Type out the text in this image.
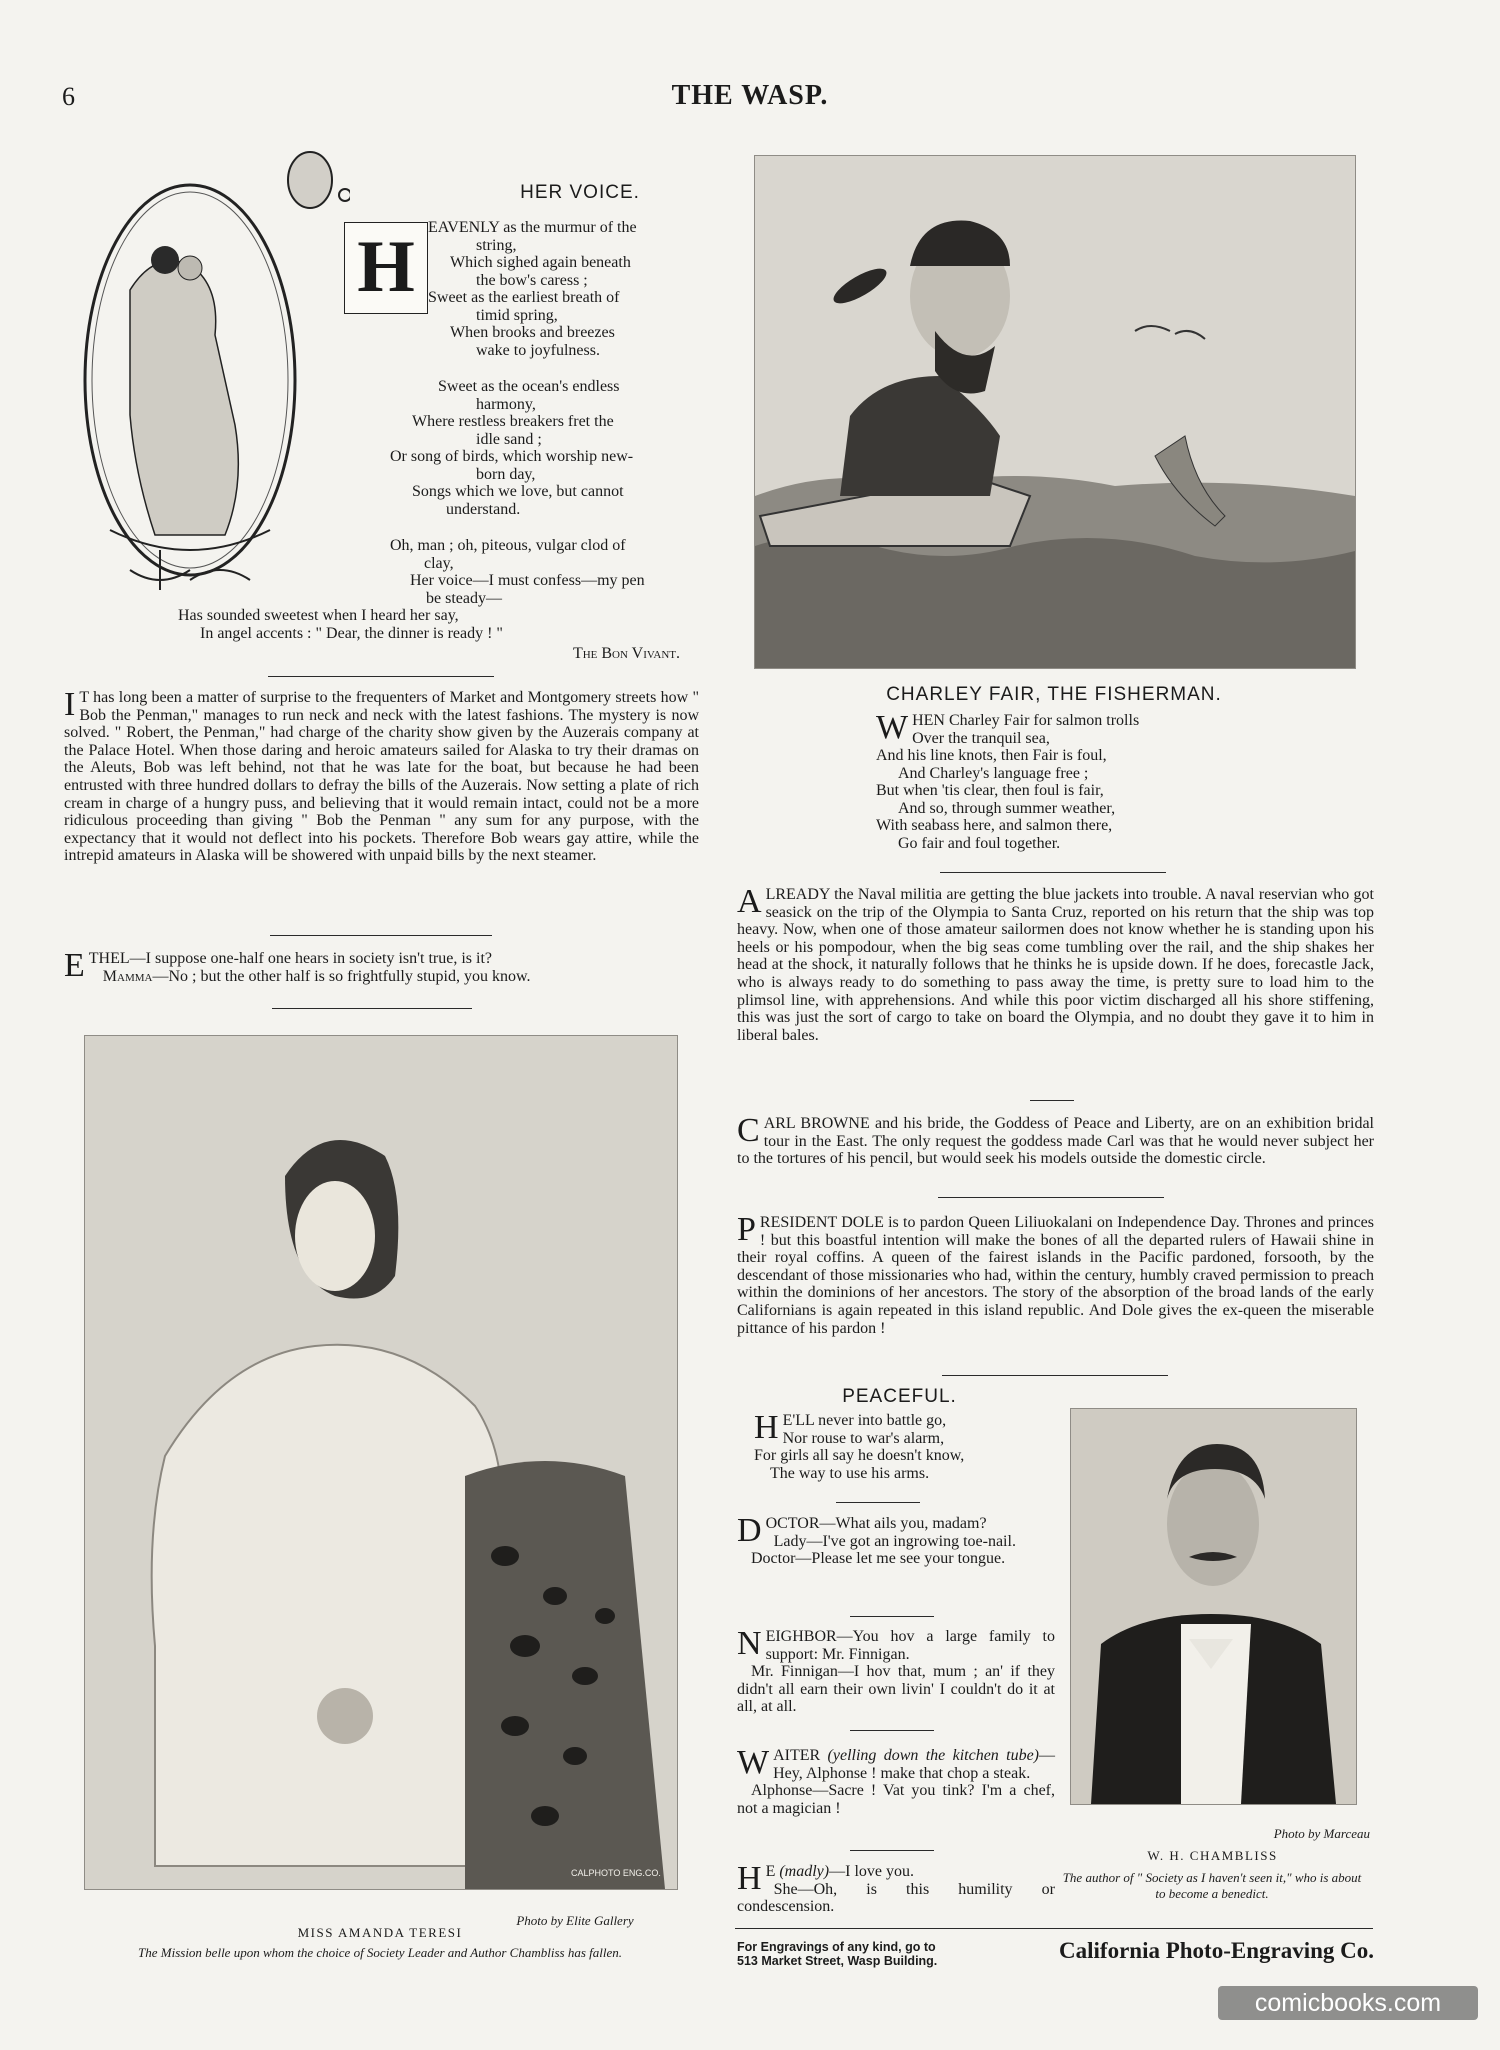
6	THE WASP.
H
HER VOICE.
EAVENLY as the murmur of the
string,
Which sighed again beneath
the bow's caress ;
Sweet as the earliest breath of
timid spring,
When brooks and breezes
wake to joyfulness.
Sweet as the ocean's endless
harmony,
Where restless breakers fret the
idle sand ;
Or song of birds, which worship new-
born day,
Songs which we love, but cannot
understand.
Oh, man ; oh, piteous, vulgar clod of
clay,
Her voice—I must confess—my pen
be steady—
Has sounded sweetest when I heard her say,
In angel accents : " Dear, the dinner is ready ! "
The Bon Vivant.
I T has long been a matter of surprise to the frequenters of Market and Montgomery streets how " Bob the Penman," manages to run neck and neck with the latest fashions. The mystery is now solved. " Robert, the Penman," had charge of the charity show given by the Auzerais company at the Palace Hotel. When those daring and heroic amateurs sailed for Alaska to try their dramas on the Aleuts, Bob was left behind, not that he was late for the boat, but because he had been entrusted with three hundred dollars to defray the bills of the Auzerais. Now setting a plate of rich cream in charge of a hungry puss, and believing that it would remain intact, could not be a more ridiculous proceeding than giving " Bob the Penman " any sum for any purpose, with the expectancy that it would not deflect into his pockets. Therefore Bob wears gay attire, while the intrepid amateurs in Alaska will be showered with unpaid bills by the next steamer.
ETHEL—I suppose one-half one hears in society isn't true, is it?
Mamma—No ; but the other half is so frightfully stupid, you know.
CALPHOTO ENG.CO.
Photo by Elite Gallery
MISS AMANDA TERESI
The Mission belle upon whom the choice of Society Leader and Author Chambliss has fallen.
CHARLEY FAIR, THE FISHERMAN.
WHEN Charley Fair for salmon trolls
Over the tranquil sea,
And his line knots, then Fair is foul,
And Charley's language free ;
But when 'tis clear, then foul is fair,
And so, through summer weather,
With seabass here, and salmon there,
Go fair and foul together.
ALREADY the Naval militia are getting the blue jackets into trouble. A naval reservian who got seasick on the trip of the Olympia to Santa Cruz, reported on his return that the ship was top heavy. Now, when one of those amateur sailormen does not know whether he is standing upon his heels or his pompodour, when the big seas come tumbling over the rail, and the ship shakes her head at the shock, it naturally follows that he thinks he is upside down. If he does, forecastle Jack, who is always ready to do something to pass away the time, is pretty sure to load him to the plimsol line, with apprehensions. And while this poor victim discharged all his shore stiffening, this was just the sort of cargo to take on board the Olympia, and no doubt they gave it to him in liberal bales.
CARL BROWNE and his bride, the Goddess of Peace and Liberty, are on an exhibition bridal tour in the East. The only request the goddess made Carl was that he would never subject her to the tortures of his pencil, but would seek his models outside the domestic circle.
PRESIDENT DOLE is to pardon Queen Liliuokalani on Independence Day. Thrones and princes ! but this boastful intention will make the bones of all the departed rulers of Hawaii shine in their royal coffins. A queen of the fairest islands in the Pacific pardoned, forsooth, by the descendant of those missionaries who had, within the century, humbly craved permission to preach within the dominions of her ancestors. The story of the absorption of the broad lands of the early Californians is again repeated in this island republic. And Dole gives the ex-queen the miserable pittance of his pardon !
PEACEFUL.
H E'LL never into battle go,
Nor rouse to war's alarm,
For girls all say he doesn't know,
The way to use his arms.
DOCTOR—What ails you, madam?
Lady—I've got an ingrowing toe-nail.
Doctor—Please let me see your tongue.
NEIGHBOR—You hov a large family to support: Mr. Finnigan.
Mr. Finnigan—I hov that, mum ; an' if they didn't all earn their own livin' I couldn't do it at all, at all.
WAITER (yelling down the kitchen tube)—Hey, Alphonse ! make that chop a steak.
Alphonse—Sacre ! Vat you tink? I'm a chef, not a magician !
H E (madly)—I love you.
She—Oh, is this humility or condescension.
Photo by Marceau
W. H. CHAMBLISS
The author of " Society as I haven't seen it," who is about to become a benedict.
For Engravings of any kind, go to
513 Market Street, Wasp Building.	California Photo-Engraving Co.
comicbooks.com
